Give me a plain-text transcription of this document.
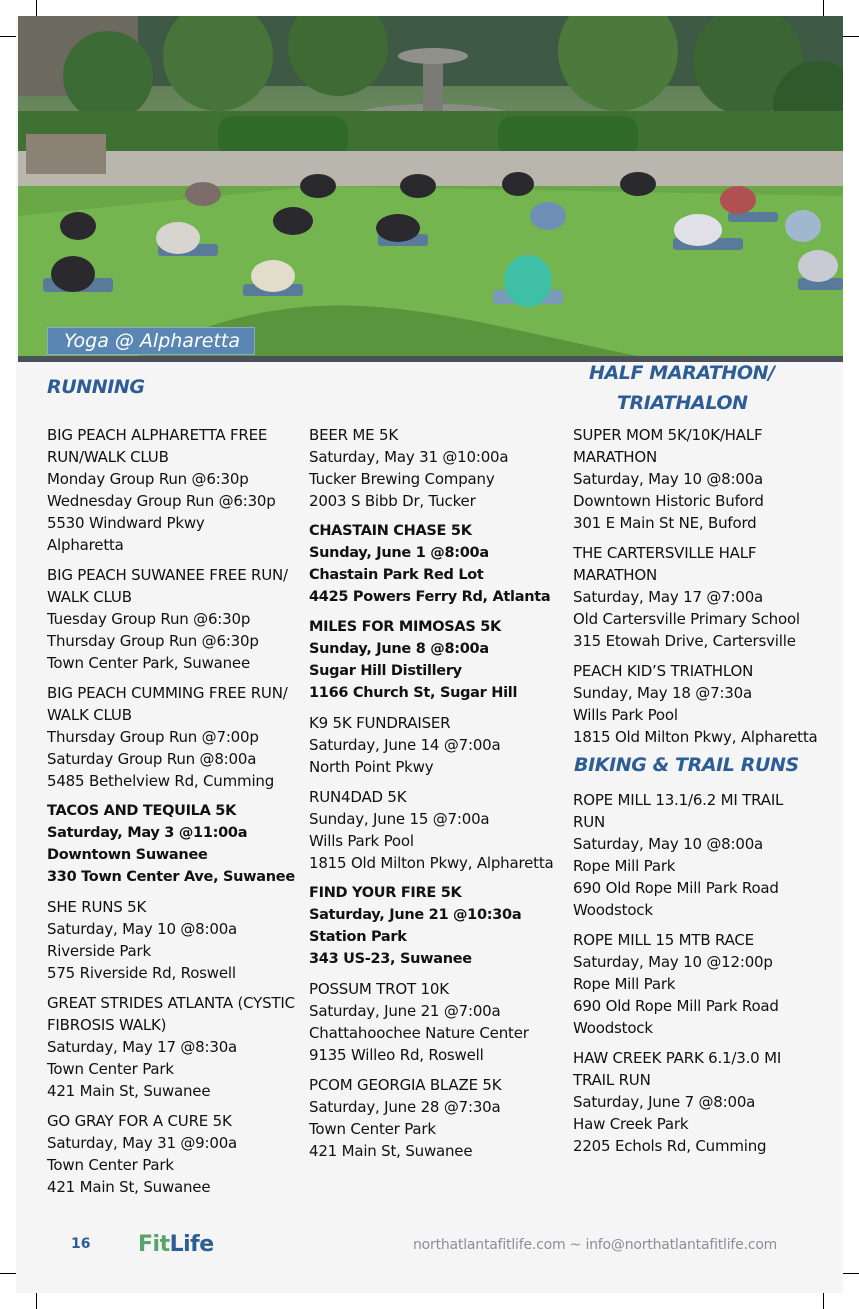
Yoga @ Alpharetta
RUNNING
HALF MARATHON/
TRIATHALON
BIKING & TRAIL RUNS
BIG PEACH ALPHARETTA FREE
RUN/WALK CLUB
Monday Group Run @6:30p
Wednesday Group Run @6:30p
5530 Windward Pkwy
Alpharetta
BIG PEACH SUWANEE FREE RUN/
WALK CLUB
Tuesday Group Run @6:30p
Thursday Group Run @6:30p
Town Center Park, Suwanee
BIG PEACH CUMMING FREE RUN/
WALK CLUB
Thursday Group Run @7:00p
Saturday Group Run @8:00a
5485 Bethelview Rd, Cumming
TACOS AND TEQUILA 5K
Saturday, May 3 @11:00a
Downtown Suwanee
330 Town Center Ave, Suwanee
SHE RUNS 5K
Saturday, May 10 @8:00a
Riverside Park
575 Riverside Rd, Roswell
GREAT STRIDES ATLANTA (CYSTIC
FIBROSIS WALK)
Saturday, May 17 @8:30a
Town Center Park
421 Main St, Suwanee
GO GRAY FOR A CURE 5K
Saturday, May 31 @9:00a
Town Center Park
421 Main St, Suwanee
BEER ME 5K
Saturday, May 31 @10:00a
Tucker Brewing Company
2003 S Bibb Dr, Tucker
CHASTAIN CHASE 5K
Sunday, June 1 @8:00a
Chastain Park Red Lot
4425 Powers Ferry Rd, Atlanta
MILES FOR MIMOSAS 5K
Sunday, June 8 @8:00a
Sugar Hill Distillery
1166 Church St, Sugar Hill
K9 5K FUNDRAISER
Saturday, June 14 @7:00a
North Point Pkwy
RUN4DAD 5K
Sunday, June 15 @7:00a
Wills Park Pool
1815 Old Milton Pkwy, Alpharetta
FIND YOUR FIRE 5K
Saturday, June 21 @10:30a
Station Park
343 US-23, Suwanee
POSSUM TROT 10K
Saturday, June 21 @7:00a
Chattahoochee Nature Center
9135 Willeo Rd, Roswell
PCOM GEORGIA BLAZE 5K
Saturday, June 28 @7:30a
Town Center Park
421 Main St, Suwanee
SUPER MOM 5K/10K/HALF
MARATHON
Saturday, May 10 @8:00a
Downtown Historic Buford
301 E Main St NE, Buford
THE CARTERSVILLE HALF
MARATHON
Saturday, May 17 @7:00a
Old Cartersville Primary School
315 Etowah Drive, Cartersville
PEACH KID’S TRIATHLON
Sunday, May 18 @7:30a
Wills Park Pool
1815 Old Milton Pkwy, Alpharetta
ROPE MILL 13.1/6.2 MI TRAIL
RUN
Saturday, May 10 @8:00a
Rope Mill Park
690 Old Rope Mill Park Road
Woodstock
ROPE MILL 15 MTB RACE
Saturday, May 10 @12:00p
Rope Mill Park
690 Old Rope Mill Park Road
Woodstock
HAW CREEK PARK 6.1/3.0 MI
TRAIL RUN
Saturday, June 7 @8:00a
Haw Creek Park
2205 Echols Rd, Cumming
16 FitLife	northatlantafitlife.com ~ info@northatlantafitlife.com
